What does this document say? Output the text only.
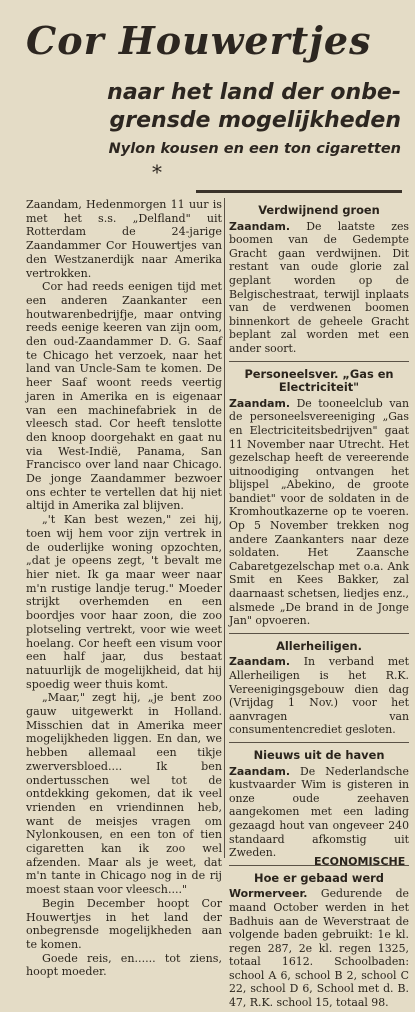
Cor Houwertjes
naar het land der onbe-
grensde mogelijkheden
Nylon kousen en een ton cigaretten
*

Zaandam, Hedenmorgen 11 uur is met het s.s. „Delfland" uit Rotterdam de 24-jarige Zaandammer Cor Houwertjes van den Westzanerdijk naar Amerika vertrokken.

Cor had reeds eenigen tijd met een anderen Zaankanter een houtwarenbedrijfje, maar ontving reeds eenige keeren van zijn oom, den oud-Zaandammer D. G. Saaf te Chicago het verzoek, naar het land van Uncle-Sam te komen. De heer Saaf woont reeds veertig jaren in Amerika en is eigenaar van een machinefabriek in de vleesch stad. Cor heeft tenslotte den knoop doorgehakt en gaat nu via West-Indië, Panama, San Francisco over land naar Chicago. De jonge Zaandammer bezwoer ons echter te vertellen dat hij niet altijd in Amerika zal blijven.

„'t Kan best wezen," zei hij, toen wij hem voor zijn vertrek in de ouderlijke woning opzochten, „dat je opeens zegt, 't bevalt me hier niet. Ik ga maar weer naar m'n rustige landje terug." Moeder strijkt overhemden en een boordjes voor haar zoon, die zoo plotseling vertrekt, voor wie weet hoelang. Cor heeft een visum voor een half jaar, dus bestaat natuurlijk de mogelijkheid, dat hij spoedig weer thuis komt.

„Maar," zegt hij, „je bent zoo gauw uitgewerkt in Holland. Misschien dat in Amerika meer mogelijkheden liggen. En dan, we hebben allemaal een tikje zwerversbloed.... Ik ben ondertusschen wel tot de ontdekking gekomen, dat ik veel vrienden en vriendinnen heb, want de meisjes vragen om Nylonkousen, en een ton of tien cigaretten kan ik zoo wel afzenden. Maar als je weet, dat m'n tante in Chicago nog in de rij moest staan voor vleesch...."

Begin December hoopt Cor Houwertjes in het land der onbegrensde mogelijkheden aan te komen.

Goede reis, en...... tot ziens, hoopt moeder.

Verdwijnend groen

Zaandam. De laatste zes boomen van de Gedempte Gracht gaan verdwijnen. Dit restant van oude glorie zal geplant worden op de Belgischestraat, terwijl inplaats van de verdwenen boomen binnenkort de geheele Gracht beplant zal worden met een ander soort.

Personeelsver. „Gas en Electriciteit"

Zaandam. De tooneelclub van de personeelsvereeniging „Gas en Electriciteitsbedrijven" gaat 11 November naar Utrecht. Het gezelschap heeft de vereerende uitnoodiging ontvangen het blijspel „Abekino, de groote bandiet" voor de soldaten in de Kromhoutkazerne op te voeren. Op 5 November trekken nog andere Zaankanters naar deze soldaten. Het Zaansche Cabaretgezelschap met o.a. Ank Smit en Kees Bakker, zal daarnaast schetsen, liedjes enz., alsmede „De brand in de Jonge Jan" opvoeren.

Allerheiligen.

Zaandam. In verband met Allerheiligen is het R.K. Vereenigingsgebouw dien dag (Vrijdag 1 Nov.) voor het aanvragen van consumentencrediet gesloten.

Nieuws uit de haven

Zaandam. De Nederlandsche kustvaarder Wim is gisteren in onze oude zeehaven aangekomen met een lading gezaagd hout van ongeveer 240 standaard afkomstig uit Zweden.

Hoe er gebaad werd

Wormerveer. Gedurende de maand October werden in het Badhuis aan de Weverstraat de volgende baden gebruikt: 1e kl. regen 287, 2e kl. regen 1325, totaal 1612. Schoolbaden: school A 6, school B 2, school C 22, school D 6, School met d. B. 47, R.K. school 15, totaal 98.

ECONOMISCHE
